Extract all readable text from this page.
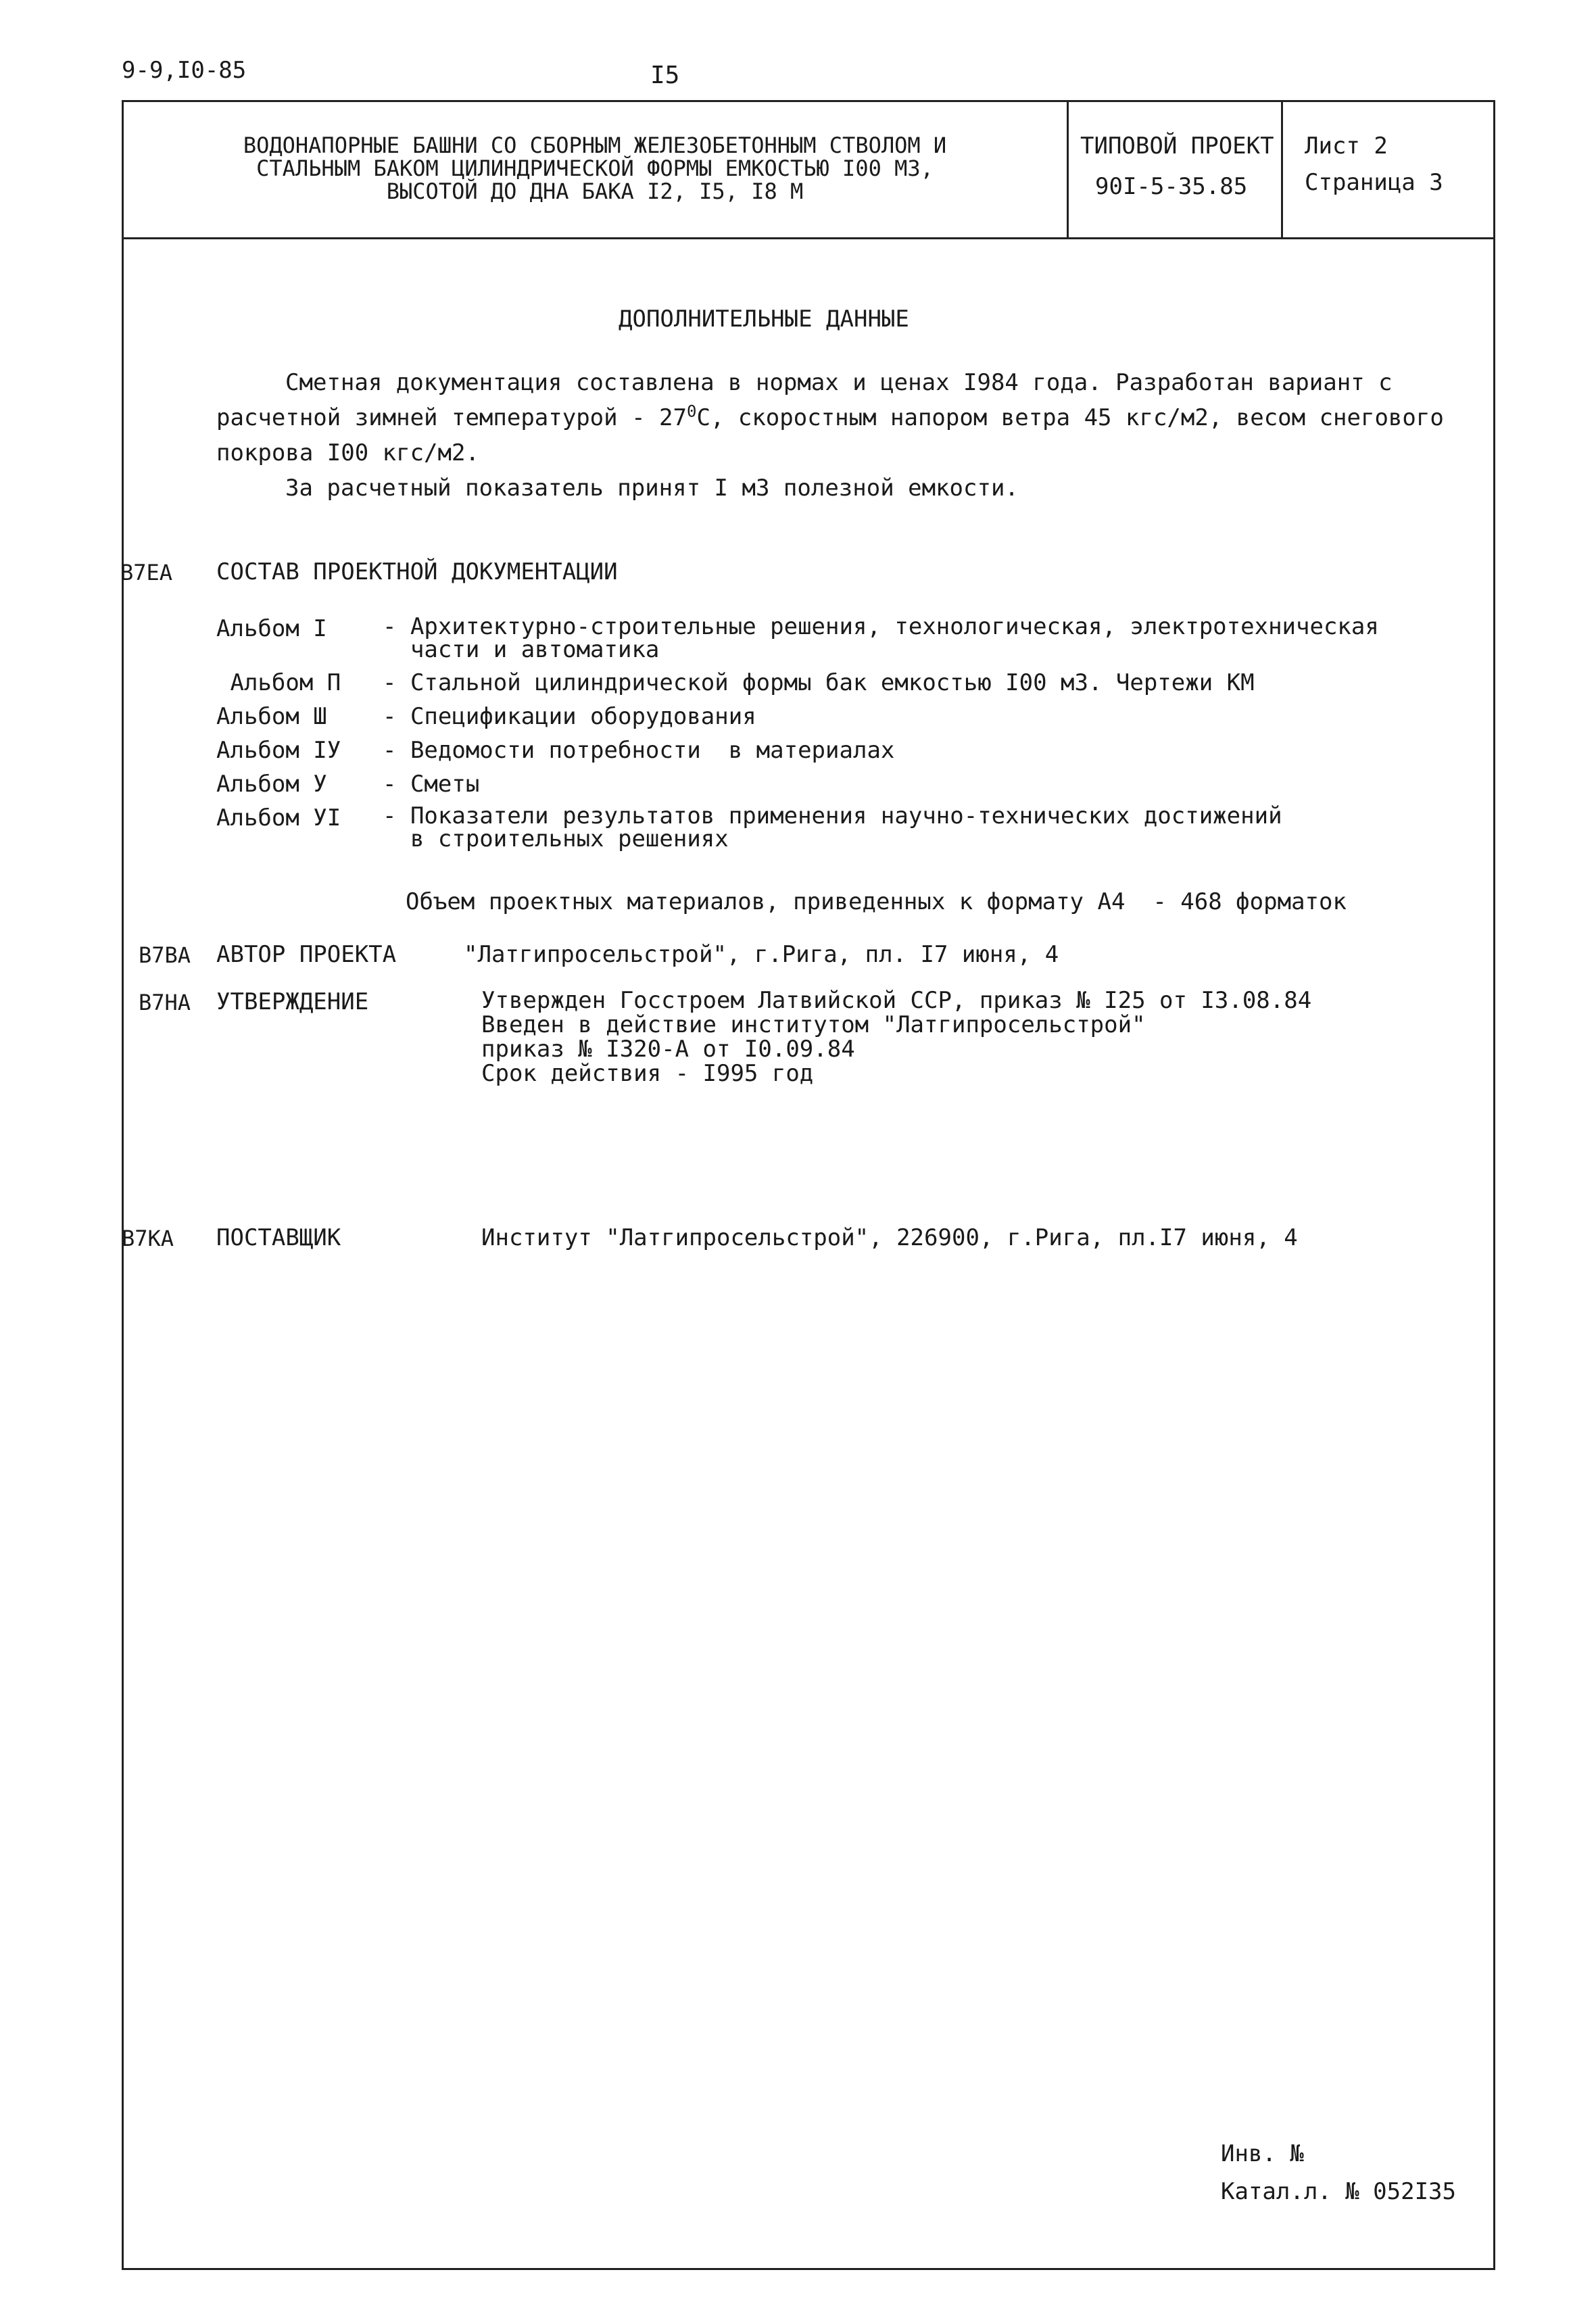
9-9,I0-85	I5
ВОДОНАПОРНЫЕ БАШНИ СО СБОРНЫМ ЖЕЛЕЗОБЕТОННЫМ СТВОЛОМ И
СТАЛЬНЫМ БАКОМ ЦИЛИНДРИЧЕСКОЙ ФОРМЫ ЕМКОСТЬЮ I00 М3,
ВЫСОТОЙ ДО ДНА БАКА I2, I5, I8 М
ТИПОВОЙ ПРОЕКТ
90I-5-35.85
Лист 2
Страница 3
ДОПОЛНИТЕЛЬНЫЕ ДАННЫЕ
Сметная документация составлена в нормах и ценах I984 года. Разработан вариант с
расчетной зимней температурой - $27^0С$, скоростным напором ветра 45 кгс/м2, весом снегового
покрова I00 кгс/м2.
За расчетный показатель принят I м3 полезной емкости.
В7ЕА СОСТАВ ПРОЕКТНОЙ ДОКУМЕНТАЦИИ
Альбом I - Архитектурно-строительные решения, технологическая, электротехническая
части и автоматика
Альбом П - Стальной цилиндрической формы бак емкостью I00 м3. Чертежи КМ
Альбом Ш - Спецификации оборудования
Альбом IУ - Ведомости потребности  в материалах
Альбом У - Сметы
Альбом УI - Показатели результатов применения научно-технических достижений
в строительных решениях
Объем проектных материалов, приведенных к формату А4  - 468 форматок
В7ВА АВТОР ПРОЕКТА	"Латгипросельстрой", г.Рига, пл. I7 июня, 4
В7НА УТВЕРЖДЕНИЕ	Утвержден Госстроем Латвийской ССР, приказ № I25 от I3.08.84
Введен в действие институтом "Латгипросельстрой"
приказ № I320-А от I0.09.84
Срок действия - I995 год
В7КА ПОСТАВЩИК	Институт "Латгипросельстрой", 226900, г.Рига, пл.I7 июня, 4
Инв. №
Катал.л. № 052I35
